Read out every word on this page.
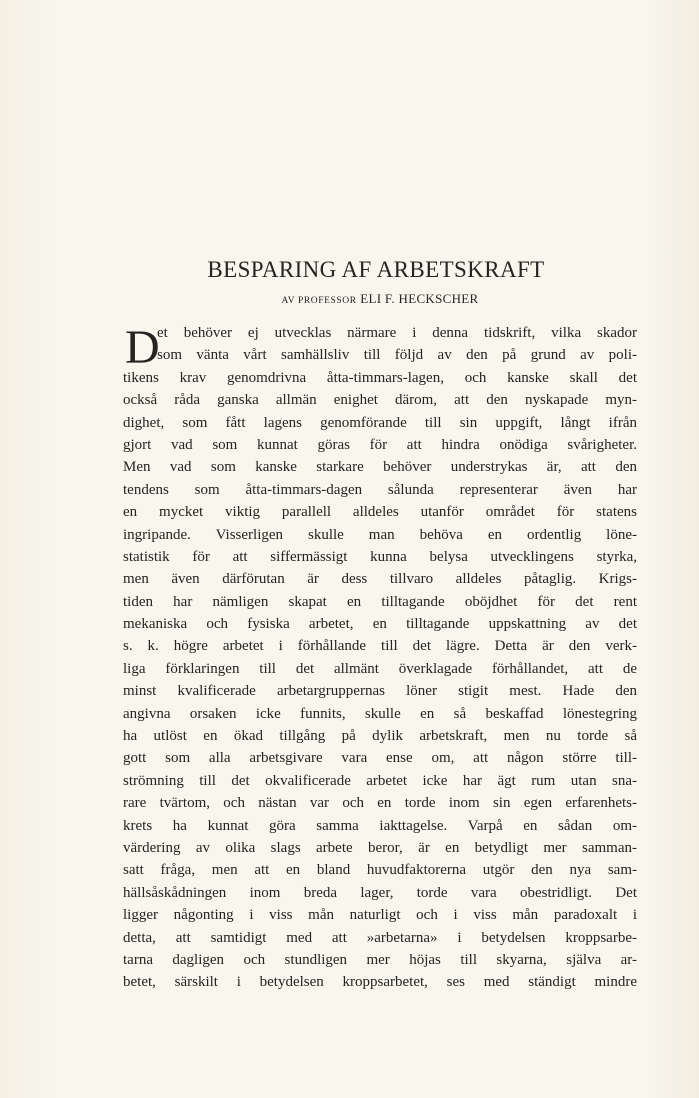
BESPARING AF ARBETSKRAFT
AV PROFESSOR ELI F. HECKSCHER
D
et behöver ej utvecklas närmare i denna tidskrift, vilka skador
som vänta vårt samhällsliv till följd av den på grund av poli-
tikens krav genomdrivna åtta-timmars-lagen, och kanske skall det
också råda ganska allmän enighet därom, att den nyskapade myn-
dighet, som fått lagens genomförande till sin uppgift, långt ifrån
gjort vad som kunnat göras för att hindra onödiga svårigheter.
Men vad som kanske starkare behöver understrykas är, att den
tendens som åtta-timmars-dagen sålunda representerar även har
en mycket viktig parallell alldeles utanför området för statens
ingripande. Visserligen skulle man behöva en ordentlig löne-
statistik för att siffermässigt kunna belysa utvecklingens styrka,
men även därförutan är dess tillvaro alldeles påtaglig. Krigs-
tiden har nämligen skapat en tilltagande oböjdhet för det rent
mekaniska och fysiska arbetet, en tilltagande uppskattning av det
s. k. högre arbetet i förhållande till det lägre. Detta är den verk-
liga förklaringen till det allmänt överklagade förhållandet, att de
minst kvalificerade arbetargruppernas löner stigit mest. Hade den
angivna orsaken icke funnits, skulle en så beskaffad lönestegring
ha utlöst en ökad tillgång på dylik arbetskraft, men nu torde så
gott som alla arbetsgivare vara ense om, att någon större till-
strömning till det okvalificerade arbetet icke har ägt rum utan sna-
rare tvärtom, och nästan var och en torde inom sin egen erfarenhets-
krets ha kunnat göra samma iakttagelse. Varpå en sådan om-
värdering av olika slags arbete beror, är en betydligt mer samman-
satt fråga, men att en bland huvudfaktorerna utgör den nya sam-
hällsåskådningen inom breda lager, torde vara obestridligt. Det
ligger någonting i viss mån naturligt och i viss mån paradoxalt i
detta, att samtidigt med att »arbetarna» i betydelsen kroppsarbe-
tarna dagligen och stundligen mer höjas till skyarna, själva ar-
betet, särskilt i betydelsen kroppsarbetet, ses med ständigt mindre
